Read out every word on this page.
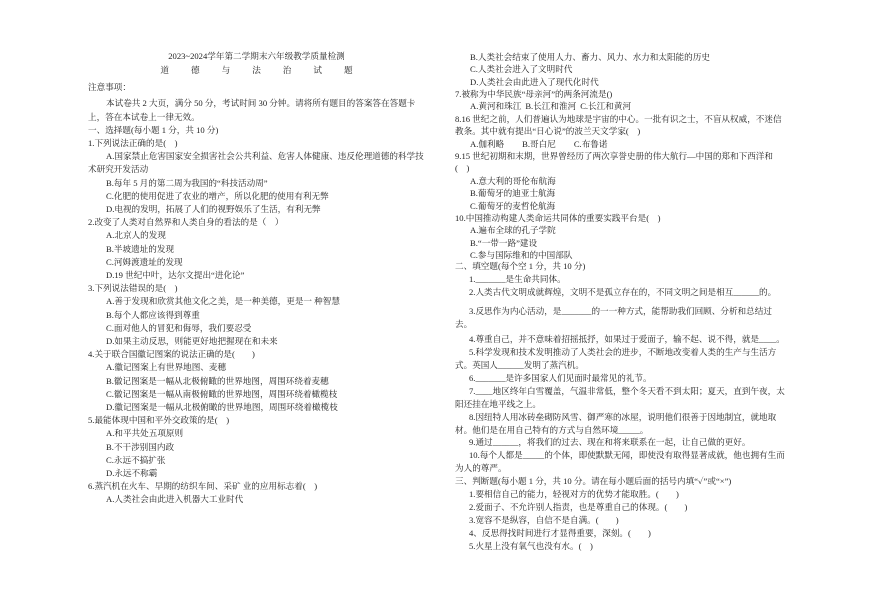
2023~2024学年第二学期末六年级教学质量检测
道德与法治试题
注意事项：
本试卷共 2 大页，满分 50 分，考试时间 30 分钟。请将所有题目的答案答在答题卡上，答在本试卷上一律无效。
一、选择题(每小题 1 分，共 10 分)
1.下列说法正确的是(　)
A.国家禁止危害国家安全损害社会公共利益、危害人体健康、违反伦理道德的科学技术研究开发活动
B.每年 5 月的第二周为我国的“科技活动周”
C.化肥的使用促进了农业的增产，所以化肥的使用有利无弊
D.电视的发明，拓展了人们的视野娱乐了生活，有利无弊
2.改变了人类对自然界和人类自身的看法的是（　）
A.北京人的发现
B.半坡遗址的发现
C.河姆渡遗址的发现
D.19 世纪中叶，达尔文提出“进化论”
3.下列说法错误的是(　)
A.善于发现和欣赏其他文化之美，是一种美德，更是一 种智慧
B.每个人都应该得到尊重
C.面对他人的冒犯和侮辱，我们要忍受
D.如果主动反思，则能更好地把握现在和未来
4.关于联合国徽记图案的说法正确的是(　　)
A.徽记图案上有世界地图、麦穗
B.徽记图案是一幅从北极俯瞰的世界地图，周围环绕着麦穗
C.徽记图案是一幅从南极俯瞰的世界地图，周围环绕着橄榄枝
D.徽记图案是一幅从北极俯瞰的世界地图，周围环绕着橄榄枝
5.最能体现中国和平外交政策的是(　)
A.和平共处五项原则
B.不干涉别国内政
C.永远不搞扩张
D.永远不称霸
6.蒸汽机在火车、早期的纺织车间、采矿 业的应用标志着(　)
A.人类社会由此进入机器大工业时代
B.人类社会结束了使用人力、畜力、风力、水力和太阳能的历史
C.人类社会进入了文明时代
D.人类社会由此进入了现代化时代
7.被称为中华民族“母亲河”的两条河流是()
A.黄河和珠江 B.长江和淮河 C.长江和黄河
8.16 世纪之前，人们普遍认为地球是宇宙的中心。一批有识之士，不盲从权威，不迷信教条。其中就有提出“日心说”的波兰天文学家(　)
A.伽利略 B.哥白尼 C.布鲁诺
9.15 世纪初期和末期，世界曾经历了两次享誉史册的伟大航行—中国的郑和下西洋和(　)
A.意大利的哥伦布航海
B.葡萄牙的迪亚士航海
C.葡萄牙的麦哲伦航海
10.中国推动构建人类命运共同体的重要实践平台是(　)
A.遍布全球的孔子学院
B.“一带一路”建设
C.参与国际维和的中国部队
二、填空题(每个空 1 分，共 10 分)
1._______是生命共同体。
2.人类古代文明成就辉煌，文明不是孤立存在的，不同文明之间是相互______的。
3.反思作为内心活动，是_______的一一种方式，能帮助我们回顾、分析和总结过去。
4.尊重自己，并不意味着招摇抵抒，如果过于爱面子，输不起、说不得，就是____。
5.科学发现和技术发明推动了人类社会的进步，不断地改变着人类的生产与生活方式。英国人______发明了蒸汽机。
6._______是许多国家人们见面时最常见的礼节。
7.____地区终年白雪覆盖，气温非常低，整个冬天看不到太阳；夏天，直到午夜，太阳还挂在地平线之上。
8.因纽特人用冰砖垒砌防风雪、御严寒的冰屋，说明他们很善于因地制宜，就地取材。他们是在用自己特有的方式与自然环境_____。
9.通过______，将我们的过去、现在和将来联系在一起，让自己做的更好。
10.每个人都是_____的个体，即使默默无闻，即使没有取得显著成就，他也拥有生而为人的尊严。
三、判断题(每小题 1 分，共 10 分。请在每小题后面的括号内填“✓”或“×”)
1.要相信自己的能力，轻视对方的优势才能取胜。(　　)
2.爱面子、不允许别人指责，也是尊重自己的体现。(　　)
3.宽容不是纵容，自信不是自满。(　　)
4、反思得找时间进行才显得重要，深刻。(　　)
5.火星上没有氧气也没有水。(　)
